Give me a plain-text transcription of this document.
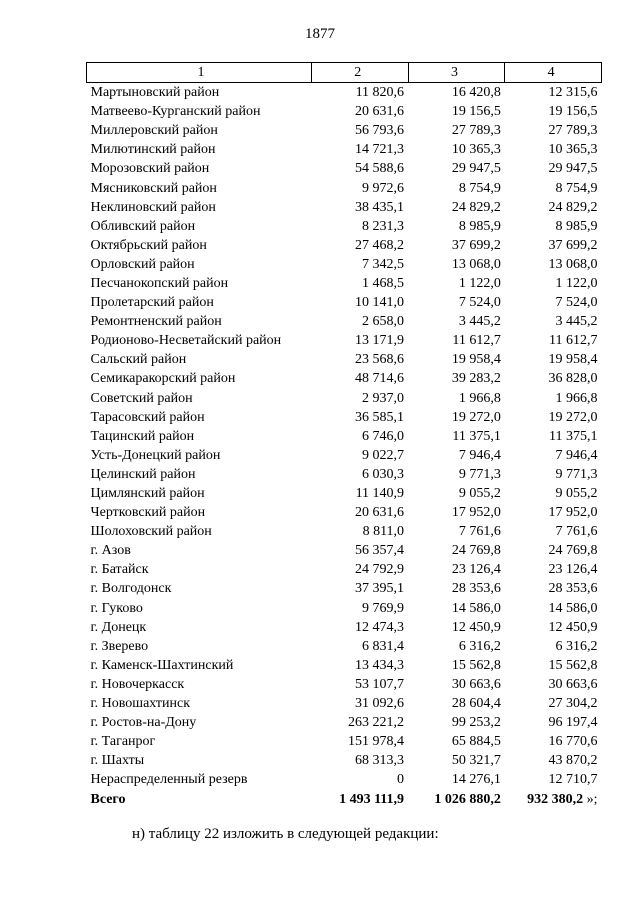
1877
1	2	3	4
Мартыновский район	11 820,6	16 420,8	12 315,6
Матвеево-Курганский район	20 631,6	19 156,5	19 156,5
Миллеровский район	56 793,6	27 789,3	27 789,3
Милютинский район	14 721,3	10 365,3	10 365,3
Морозовский район	54 588,6	29 947,5	29 947,5
Мясниковский район	9 972,6	8 754,9	8 754,9
Неклиновский район	38 435,1	24 829,2	24 829,2
Обливский район	8 231,3	8 985,9	8 985,9
Октябрьский район	27 468,2	37 699,2	37 699,2
Орловский район	7 342,5	13 068,0	13 068,0
Песчанокопский район	1 468,5	1 122,0	1 122,0
Пролетарский район	10 141,0	7 524,0	7 524,0
Ремонтненский район	2 658,0	3 445,2	3 445,2
Родионово-Несветайский район	13 171,9	11 612,7	11 612,7
Сальский район	23 568,6	19 958,4	19 958,4
Семикаракорский район	48 714,6	39 283,2	36 828,0
Советский район	2 937,0	1 966,8	1 966,8
Тарасовский район	36 585,1	19 272,0	19 272,0
Тацинский район	6 746,0	11 375,1	11 375,1
Усть-Донецкий район	9 022,7	7 946,4	7 946,4
Целинский район	6 030,3	9 771,3	9 771,3
Цимлянский район	11 140,9	9 055,2	9 055,2
Чертковский район	20 631,6	17 952,0	17 952,0
Шолоховский район	8 811,0	7 761,6	7 761,6
г. Азов	56 357,4	24 769,8	24 769,8
г. Батайск	24 792,9	23 126,4	23 126,4
г. Волгодонск	37 395,1	28 353,6	28 353,6
г. Гуково	9 769,9	14 586,0	14 586,0
г. Донецк	12 474,3	12 450,9	12 450,9
г. Зверево	6 831,4	6 316,2	6 316,2
г. Каменск-Шахтинский	13 434,3	15 562,8	15 562,8
г. Новочеркасск	53 107,7	30 663,6	30 663,6
г. Новошахтинск	31 092,6	28 604,4	27 304,2
г. Ростов-на-Дону	263 221,2	99 253,2	96 197,4
г. Таганрог	151 978,4	65 884,5	16 770,6
г. Шахты	68 313,3	50 321,7	43 870,2
Нераспределенный резерв	0	14 276,1	12 710,7
Всего	1 493 111,9	1 026 880,2	932 380,2 »;
н) таблицу 22 изложить в следующей редакции:
